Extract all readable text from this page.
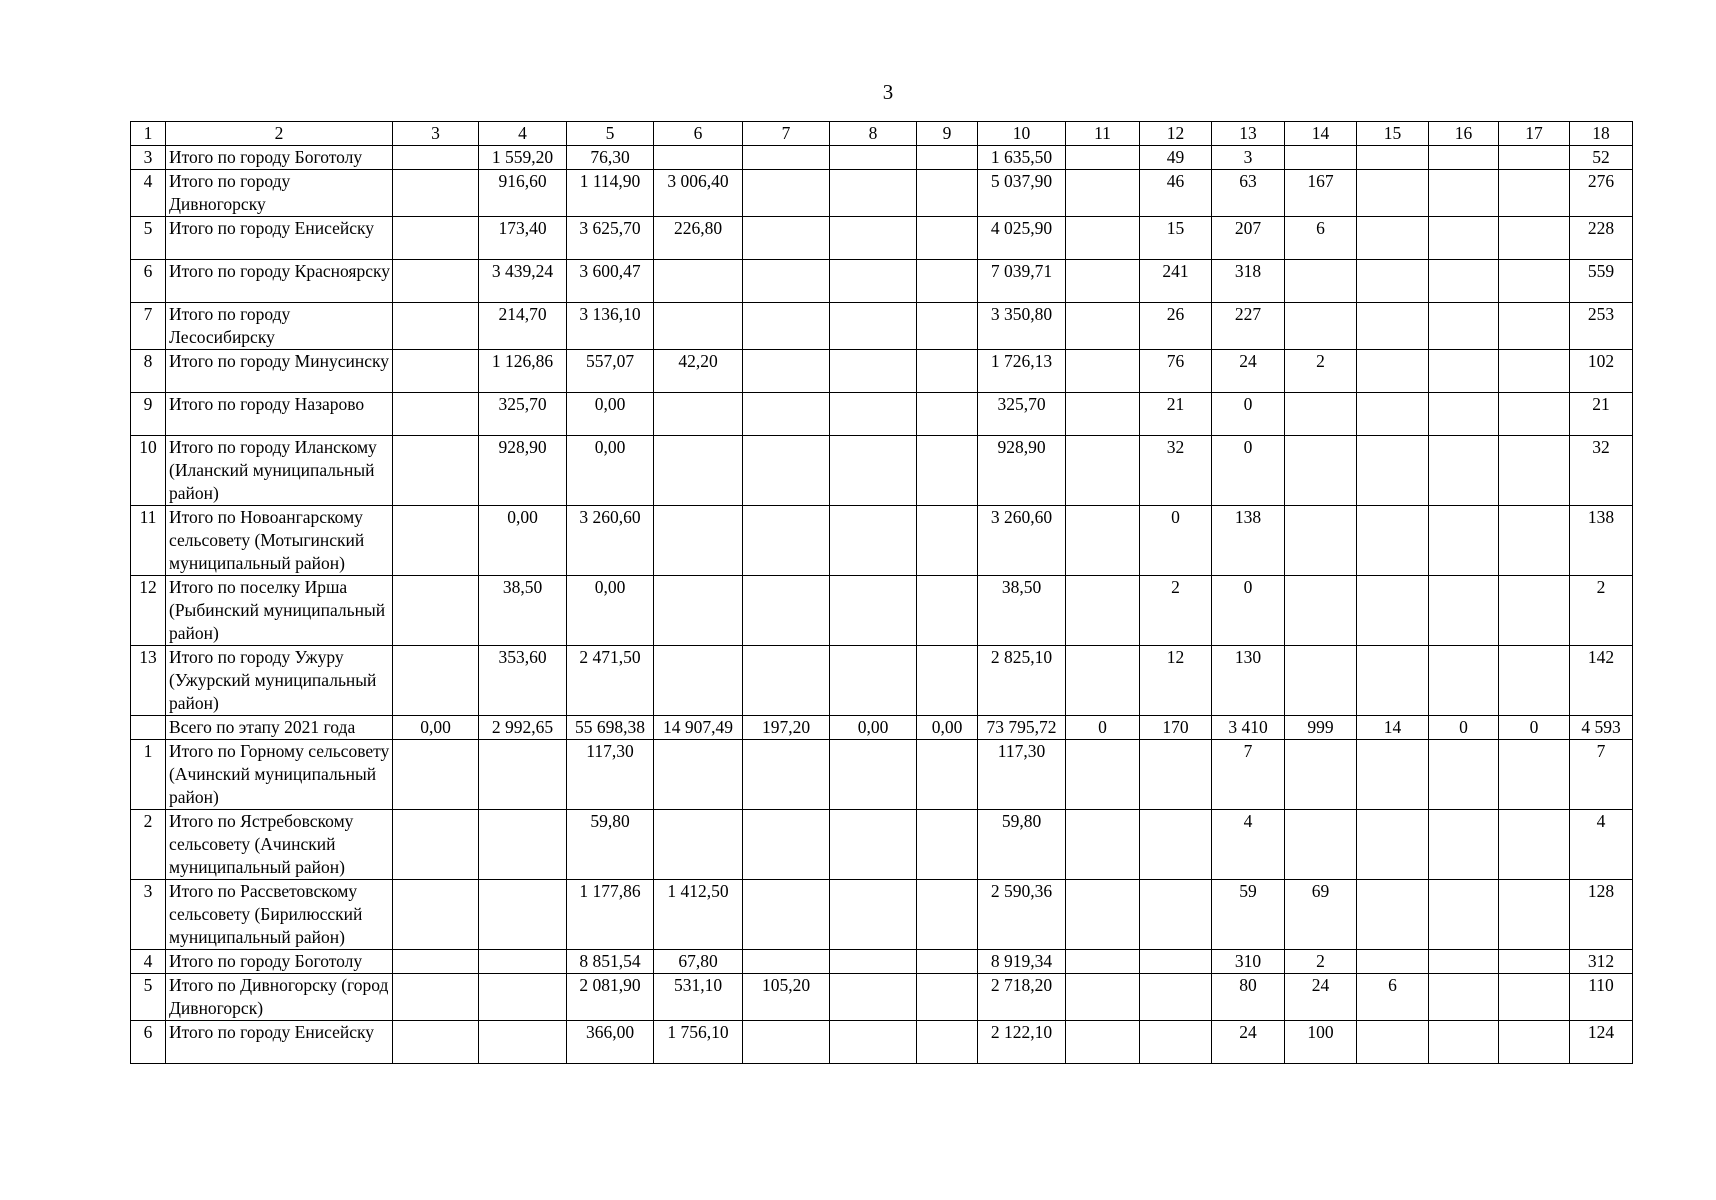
3
1	2	3	4	5	6	7	8	9	10	11	12	13	14	15	16	17	18
3	Итого по городу Боготолу		1 559,20	76,30					1 635,50		49	3					52
4	Итого по городу Дивногорску		916,60	1 114,90	3 006,40				5 037,90		46	63	167				276
5	Итого по городу Енисейску		173,40	3 625,70	226,80				4 025,90		15	207	6				228
6	Итого по городу Красноярску		3 439,24	3 600,47					7 039,71		241	318					559
7	Итого по городу Лесосибирску		214,70	3 136,10					3 350,80		26	227					253
8	Итого по городу Минусинску		1 126,86	557,07	42,20				1 726,13		76	24	2				102
9	Итого по городу Назарово		325,70	0,00					325,70		21	0					21
10	Итого по городу Иланскому (Иланский муниципальный район)		928,90	0,00					928,90		32	0					32
11	Итого по Новоангарскому сельсовету (Мотыгинский муниципальный район)		0,00	3 260,60					3 260,60		0	138					138
12	Итого по поселку Ирша (Рыбинский муниципальный район)		38,50	0,00					38,50		2	0					2
13	Итого по городу Ужуру (Ужурский муниципальный район)		353,60	2 471,50					2 825,10		12	130					142
	Всего по этапу 2021 года	0,00	2 992,65	55 698,38	14 907,49	197,20	0,00	0,00	73 795,72	0	170	3 410	999	14	0	0	4 593
1	Итого по Горному сельсовету (Ачинский муниципальный район)			117,30					117,30			7					7
2	Итого по Ястребовскому сельсовету (Ачинский муниципальный район)			59,80					59,80			4					4
3	Итого по Рассветовскому сельсовету (Бирилюсский муниципальный район)			1 177,86	1 412,50				2 590,36			59	69				128
4	Итого по городу Боготолу			8 851,54	67,80				8 919,34			310	2				312
5	Итого по Дивногорску (город Дивногорск)			2 081,90	531,10	105,20			2 718,20			80	24	6			110
6	Итого по городу Енисейску			366,00	1 756,10				2 122,10			24	100				124
